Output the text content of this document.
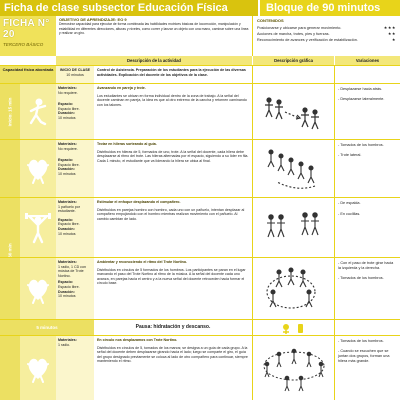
Ficha de clase subsector Educación Física	Bloque de 90 minutos
FICHA N° 20
TERCERO BÁSICO
OBJETIVO DE APRENDIZAJE: EO 9
Demostrar capacidad para ejecutar de forma combinada las habilidades motrices básicas de locomoción, manipulación y estabilidad en diferentes direcciones, alturas y niveles, como correr y lanzar un objeto con una mano, caminar sobre una línea y realizar un giro.
CONTENIDOS
Posicionarse y ubicarse para generar movimiento.	★★★
Acciones de marcha, trotes, pies y fuerzas.	★★
Reconocimiento de avances y verificación de estabilización.	★
Descripción de la actividad	Descripción gráfica	Variaciones
Capacidad física abordada	INICIO DE CLASE
10 minutos
Control de Asistencia. Preparación de los estudiantes para la ejecución de las diversas actividades. Explicación del docente de los objetivos de la clase.
Inicio: 15 min
Materiales:
No requiere.
Espacio:
Espacio libre.
Duración:
10 minutos
Avanzando en pareja y trote.
Los estudiantes se ubican en forma individual dentro de la zona de trabajo. A la señal del docente caminan en pareja, la idea es que al otro extremo de la cancha y retornen caminando con los talones.
- Desplazarse hacia atrás.
- Desplazarse lateralmente.
Materiales:
No requiere.
Espacio:
Espacio libre.
Duración:
10 minutos
Trotar en hileras sorteando al guía.
Distribuidos en hileras de 5, formados de uno, trote. A la señal del docente, cada hilera debe desplazarse al ritmo del trote. Las hileras alternadas por el espacio, siguiendo a su líder en fila. Cada 1 minuto, el estudiante que va liderando la hilera se ubica al final.
- Tomados de los hombros.
- Trote lateral.
Materiales:
1 pañuelo por estudiante.
Espacio:
Espacio libre.
Duración:
10 minutos
Estimular el enfoque desplazando el compañero.
Distribuidos en parejas hombro con hombro, cada uno con un pañuelo, intentan desplazar al compañero empujándolo con el hombro mientras realizan movimiento con el pañuelo. Al cambio cambian de lado.
- De espalda.
- En cuclillas.
Materiales:
1 radio, 1 CD con música de Trote Nortino.
Espacio:
Espacio libre.
Duración:
10 minutos
Ambientar y reconociendo el ritmo del Trote Nortino.
Distribuidos en círculos de 5 formados de los hombros. Los participantes se paran en el lugar marcando el paso del Trote Nortino al ritmo de la música. A la señal del docente cada uno avanza, en parejas hacia el centro y a la nueva señal del docente retroceden hacia formar el círculo base.
- Con el paso de trote girar hacia la izquierda y la derecha.
- Tomados de los hombros.
5 minutos	Pausa: hidratación y descanso.
Materiales:
1 radio.
En círculo nos desplazamos con Trote Nortino.
Distribuidos en círculos de 5, tomados de los manos; se designa a un guía de cada grupo. A la señal del docente deben desplazarse girando hacia el lado; luego se comparte el giro, el guía del grupo designado previamente se coloca al lado de otro compañero para continuar, siempre manteniendo el ritmo.
- Tomados de los hombros.
- Cuando se escuchen que se juntan dos grupos, forman una hilera más grande.
